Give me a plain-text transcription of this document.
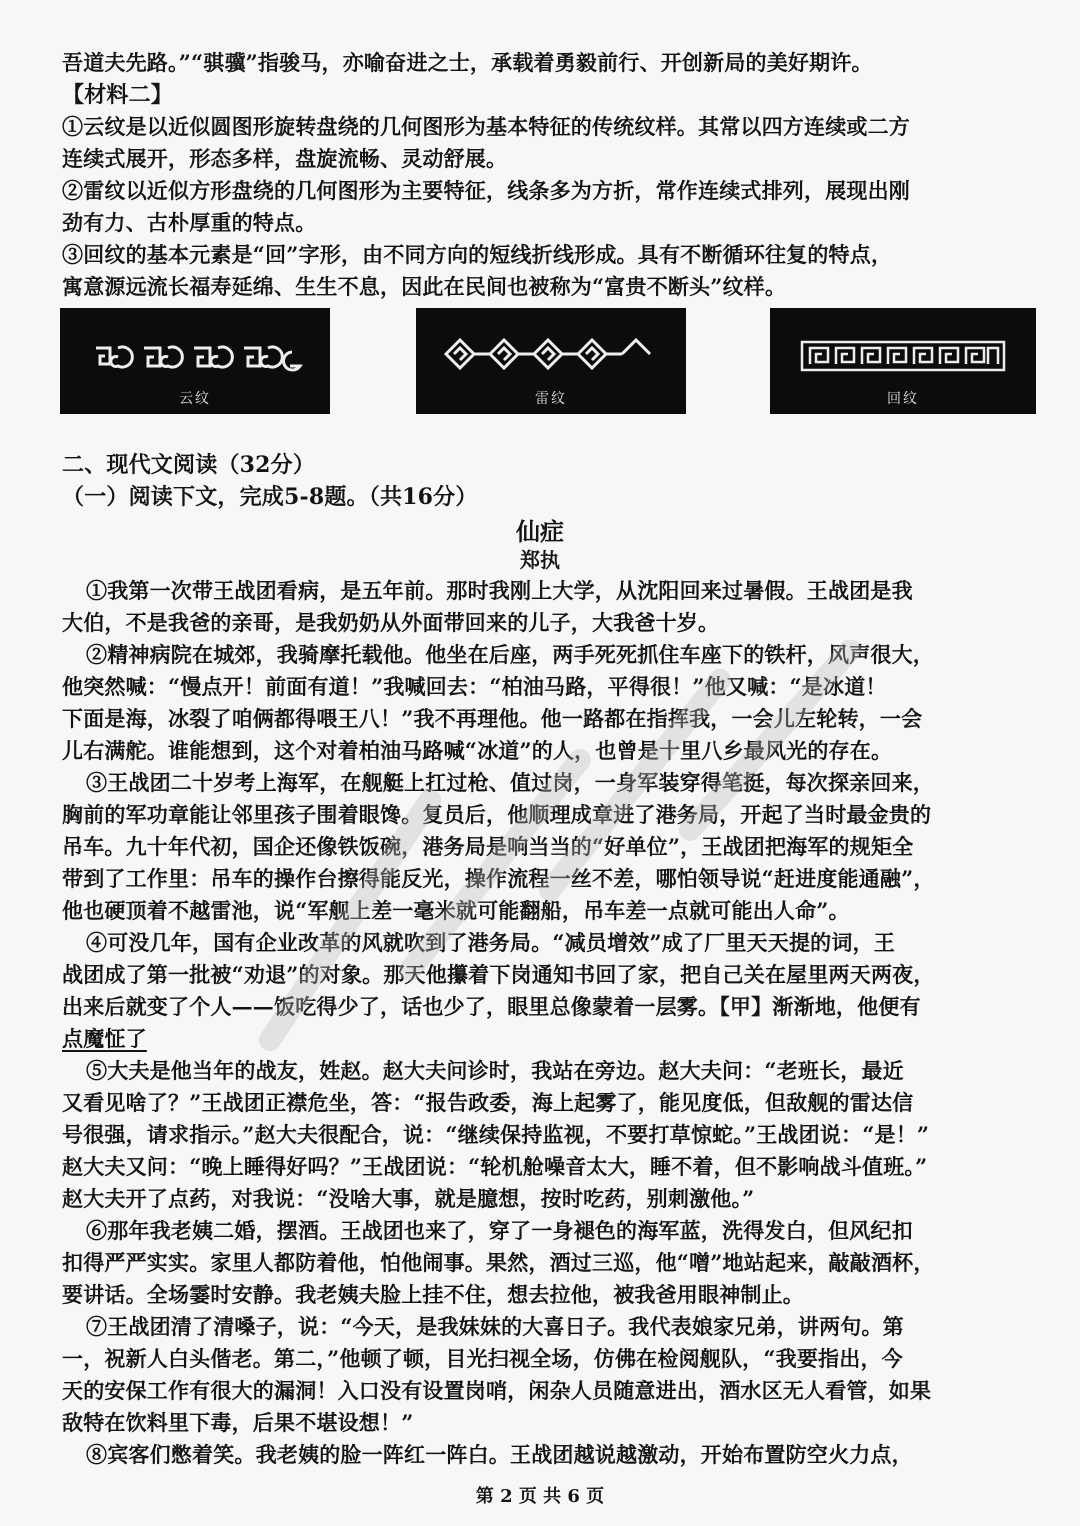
吾道夫先路。”“骐骥”指骏马，亦喻奋进之士，承载着勇毅前行、开创新局的美好期许。
【材料二】
①云纹是以近似圆图形旋转盘绕的几何图形为基本特征的传统纹样。其常以四方连续或二方
连续式展开，形态多样，盘旋流畅、灵动舒展。
②雷纹以近似方形盘绕的几何图形为主要特征，线条多为方折，常作连续式排列，展现出刚
劲有力、古朴厚重的特点。
③回纹的基本元素是“回”字形，由不同方向的短线折线形成。具有不断循环往复的特点，
寓意源远流长福寿延绵、生生不息，因此在民间也被称为“富贵不断头”纹样。
云纹	雷纹	回纹
二、现代文阅读（32分）
（一）阅读下文，完成5-8题。（共16分）
仙症
郑执
①我第一次带王战团看病，是五年前。那时我刚上大学，从沈阳回来过暑假。王战团是我
大伯，不是我爸的亲哥，是我奶奶从外面带回来的儿子，大我爸十岁。
②精神病院在城郊，我骑摩托载他。他坐在后座，两手死死抓住车座下的铁杆，风声很大，
他突然喊：“慢点开！前面有道！”我喊回去：“柏油马路，平得很！”他又喊：“是冰道！
下面是海，冰裂了咱俩都得喂王八！”我不再理他。他一路都在指挥我，一会儿左轮转，一会
儿右满舵。谁能想到，这个对着柏油马路喊“冰道”的人，也曾是十里八乡最风光的存在。
③王战团二十岁考上海军，在舰艇上扛过枪、值过岗，一身军装穿得笔挺，每次探亲回来，
胸前的军功章能让邻里孩子围着眼馋。复员后，他顺理成章进了港务局，开起了当时最金贵的
吊车。九十年代初，国企还像铁饭碗，港务局是响当当的“好单位”，王战团把海军的规矩全
带到了工作里：吊车的操作台擦得能反光，操作流程一丝不差，哪怕领导说“赶进度能通融”，
他也硬顶着不越雷池，说“军舰上差一毫米就可能翻船，吊车差一点就可能出人命”。
④可没几年，国有企业改革的风就吹到了港务局。“减员增效”成了厂里天天提的词，王
战团成了第一批被“劝退”的对象。那天他攥着下岗通知书回了家，把自己关在屋里两天两夜，
出来后就变了个人——饭吃得少了，话也少了，眼里总像蒙着一层雾。【甲】渐渐地，他便有
点魔怔了
⑤大夫是他当年的战友，姓赵。赵大夫问诊时，我站在旁边。赵大夫问：“老班长，最近
又看见啥了？”王战团正襟危坐，答：“报告政委，海上起雾了，能见度低，但敌舰的雷达信
号很强，请求指示。”赵大夫很配合，说：“继续保持监视，不要打草惊蛇。”王战团说：“是！”
赵大夫又问：“晚上睡得好吗？”王战团说：“轮机舱噪音太大，睡不着，但不影响战斗值班。”
赵大夫开了点药，对我说：“没啥大事，就是臆想，按时吃药，别刺激他。”
⑥那年我老姨二婚，摆酒。王战团也来了，穿了一身褪色的海军蓝，洗得发白，但风纪扣
扣得严严实实。家里人都防着他，怕他闹事。果然，酒过三巡，他“噌”地站起来，敲敲酒杯，
要讲话。全场霎时安静。我老姨夫脸上挂不住，想去拉他，被我爸用眼神制止。
⑦王战团清了清嗓子，说：“今天，是我妹妹的大喜日子。我代表娘家兄弟，讲两句。第
一，祝新人白头偕老。第二，”他顿了顿，目光扫视全场，仿佛在检阅舰队，“我要指出，今
天的安保工作有很大的漏洞！入口没有设置岗哨，闲杂人员随意进出，酒水区无人看管，如果
敌特在饮料里下毒，后果不堪设想！”
⑧宾客们憋着笑。我老姨的脸一阵红一阵白。王战团越说越激动，开始布置防空火力点，
第 2 页 共 6 页
